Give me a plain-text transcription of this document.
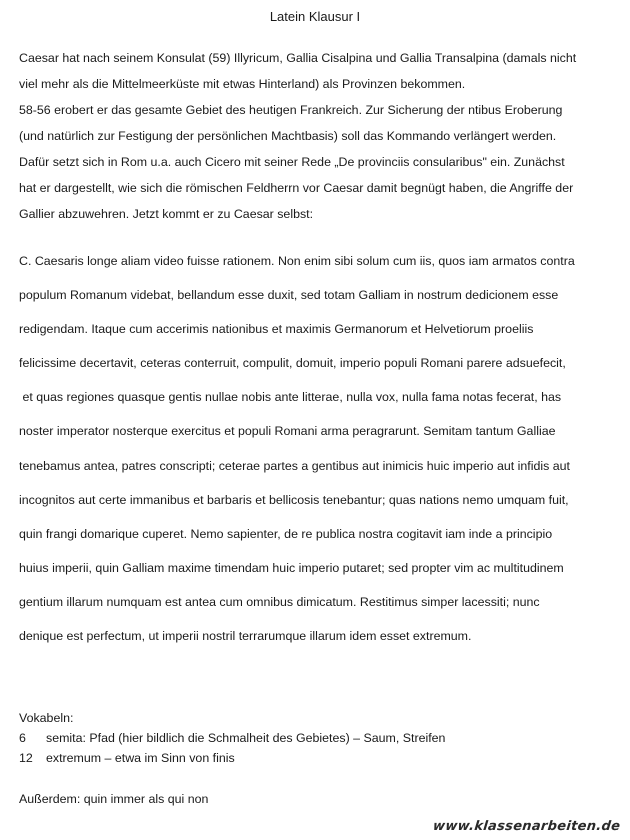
Latein Klausur I
Caesar hat nach seinem Konsulat (59) Illyricum, Gallia Cisalpina und Gallia Transalpina (damals nicht
viel mehr als die Mittelmeerküste mit etwas Hinterland) als Provinzen bekommen.
58-56 erobert er das gesamte Gebiet des heutigen Frankreich. Zur Sicherung der ntibus Eroberung
(und natürlich zur Festigung der persönlichen Machtbasis) soll das Kommando verlängert werden.
Dafür setzt sich in Rom u.a. auch Cicero mit seiner Rede „De provinciis consularibus" ein. Zunächst
hat er dargestellt, wie sich die römischen Feldherrn vor Caesar damit begnügt haben, die Angriffe der
Gallier abzuwehren. Jetzt kommt er zu Caesar selbst:
C. Caesaris longe aliam video fuisse rationem. Non enim sibi solum cum iis, quos iam armatos contra
populum Romanum videbat, bellandum esse duxit, sed totam Galliam in nostrum dedicionem esse
redigendam. Itaque cum accerimis nationibus et maximis Germanorum et Helvetiorum proeliis
felicissime decertavit, ceteras conterruit, compulit, domuit, imperio populi Romani parere adsuefecit,
et quas regiones quasque gentis nullae nobis ante litterae, nulla vox, nulla fama notas fecerat, has
noster imperator nosterque exercitus et populi Romani arma peragrarunt. Semitam tantum Galliae
tenebamus antea, patres conscripti; ceterae partes a gentibus aut inimicis huic imperio aut infidis aut
incognitos aut certe immanibus et barbaris et bellicosis tenebantur; quas nations nemo umquam fuit,
quin frangi domarique cuperet. Nemo sapienter, de re publica nostra cogitavit iam inde a principio
huius imperii, quin Galliam maxime timendam huic imperio putaret; sed propter vim ac multitudinem
gentium illarum numquam est antea cum omnibus dimicatum. Restitimus simper lacessiti; nunc
denique est perfectum, ut imperii nostril terrarumque illarum idem esset extremum.
Vokabeln:
6 semita: Pfad (hier bildlich die Schmalheit des Gebietes) – Saum, Streifen
12 extremum – etwa im Sinn von finis
Außerdem: quin immer als qui non
www.klassenarbeiten.de
